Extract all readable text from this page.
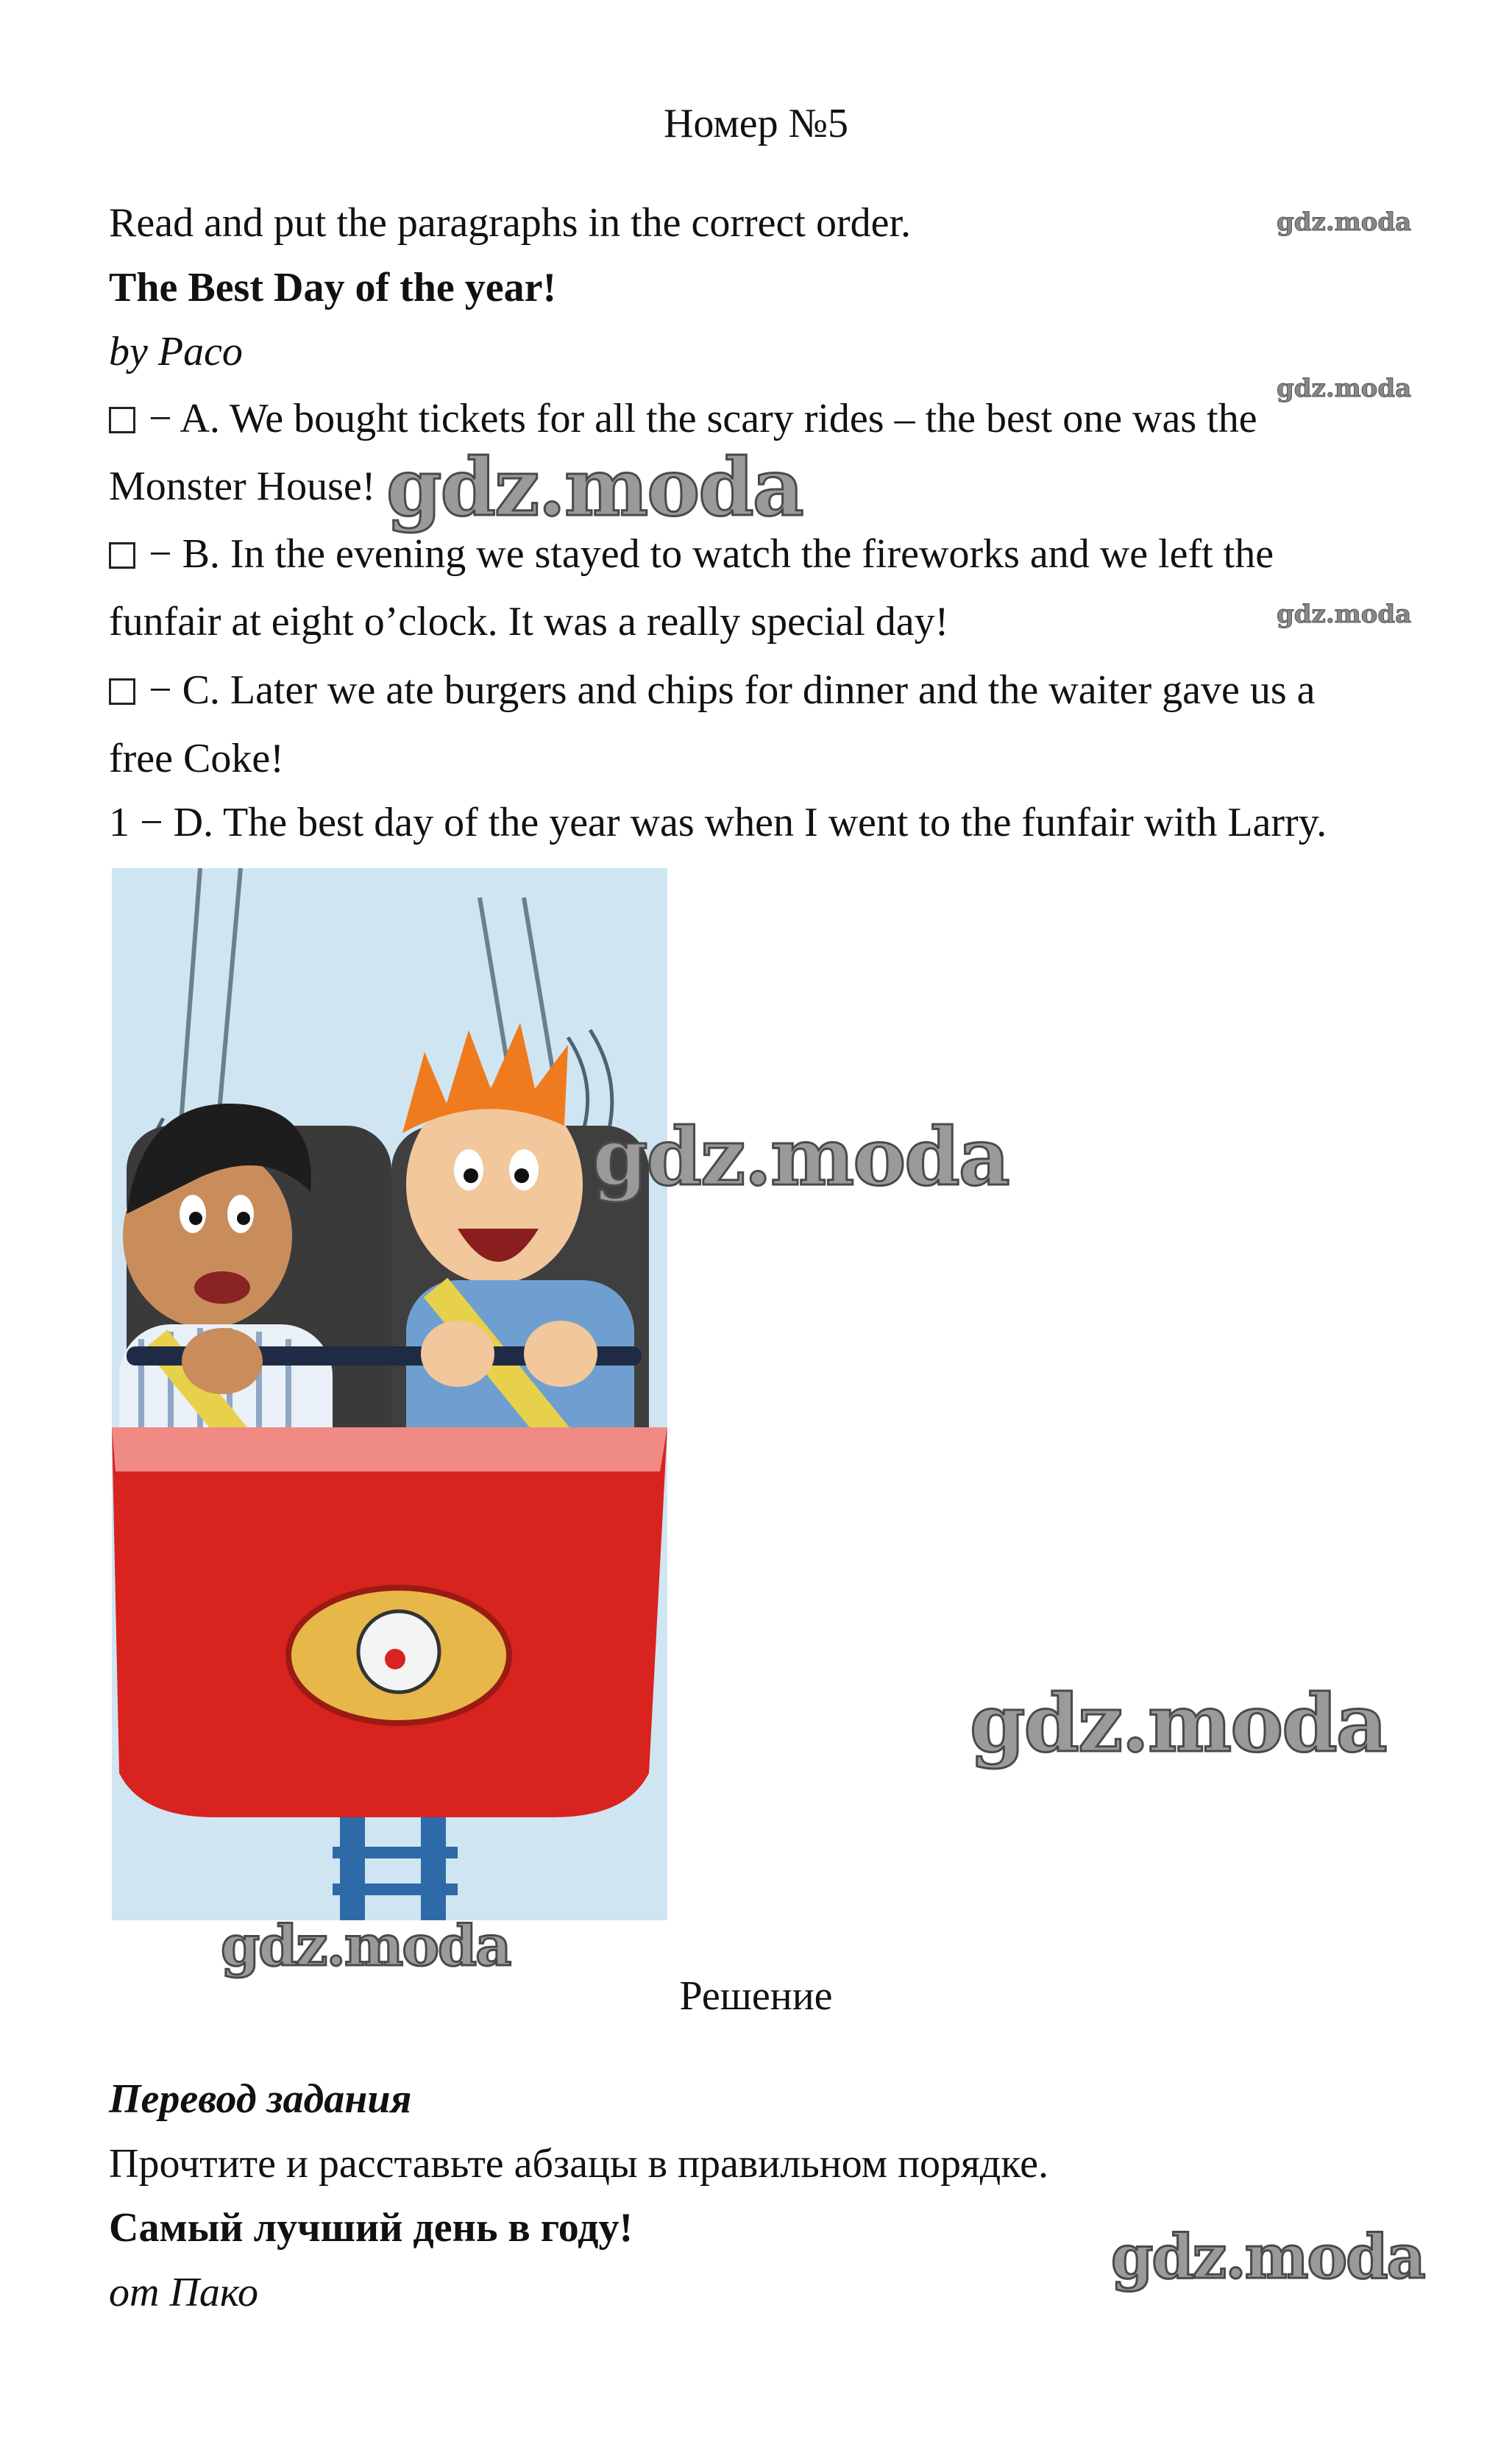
Номер №5
Read and put the paragraphs in the correct order.
The Best Day of the year!
by Paco
− A. We bought tickets for all the scary rides – the best one was the
Monster House!
− B. In the evening we stayed to watch the fireworks and we left the
funfair at eight o’clock. It was a really special day!
− C. Later we ate burgers and chips for dinner and the waiter gave us a
free Coke!
1 − D. The best day of the year was when I went to the funfair with Larry.
Решение
Перевод задания
Прочтите и расставьте абзацы в правильном порядке.
Самый лучший день в году!
от Пако
gdz.moda
gdz.moda
gdz.moda
gdz.moda
gdz.moda
gdz.moda
gdz.moda
gdz.moda
